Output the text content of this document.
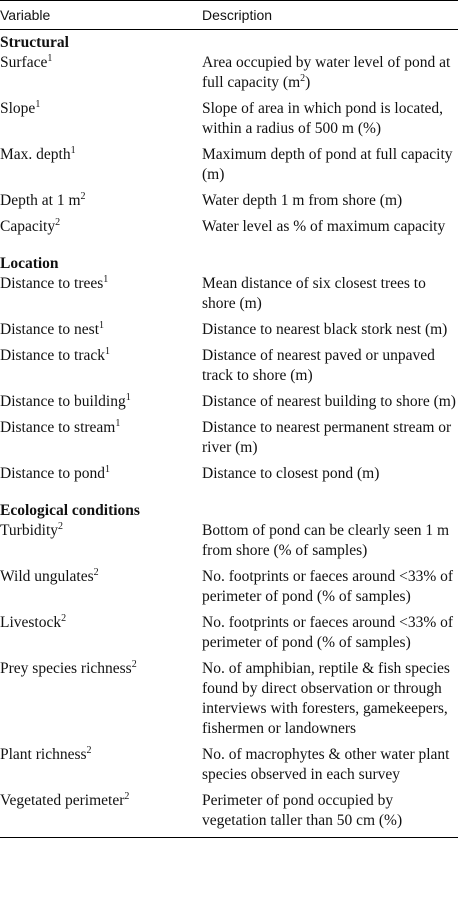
Variable	Description
Structural
Surface$^1$	Area occupied by water level of pond at full capacity $(m^2)$
Slope$^1$	Slope of area in which pond is located, within a radius of 500 m (%)
Max. depth$^1$	Maximum depth of pond at full capacity (m)
Depth at 1 $m^2$	Water depth 1 m from shore (m)
Capacity$^2$	Water level as % of maximum capacity
Location
Distance to trees$^1$	Mean distance of six closest trees to shore (m)
Distance to nest$^1$	Distance to nearest black stork nest (m)
Distance to track$^1$	Distance of nearest paved or unpaved track to shore (m)
Distance to building$^1$	Distance of nearest building to shore (m)
Distance to stream$^1$	Distance to nearest permanent stream or river (m)
Distance to pond$^1$	Distance to closest pond (m)
Ecological conditions
Turbidity$^2$	Bottom of pond can be clearly seen 1 m from shore (% of samples)
Wild ungulates$^2$	No. footprints or faeces around <33% of perimeter of pond (% of samples)
Livestock$^2$	No. footprints or faeces around <33% of perimeter of pond (% of samples)
Prey species richness$^2$	No. of amphibian, reptile & fish species found by direct observation or through interviews with foresters, gamekeepers, fishermen or landowners
Plant richness$^2$	No. of macrophytes & other water plant species observed in each survey
Vegetated perimeter$^2$	Perimeter of pond occupied by vegetation taller than 50 cm (%)
